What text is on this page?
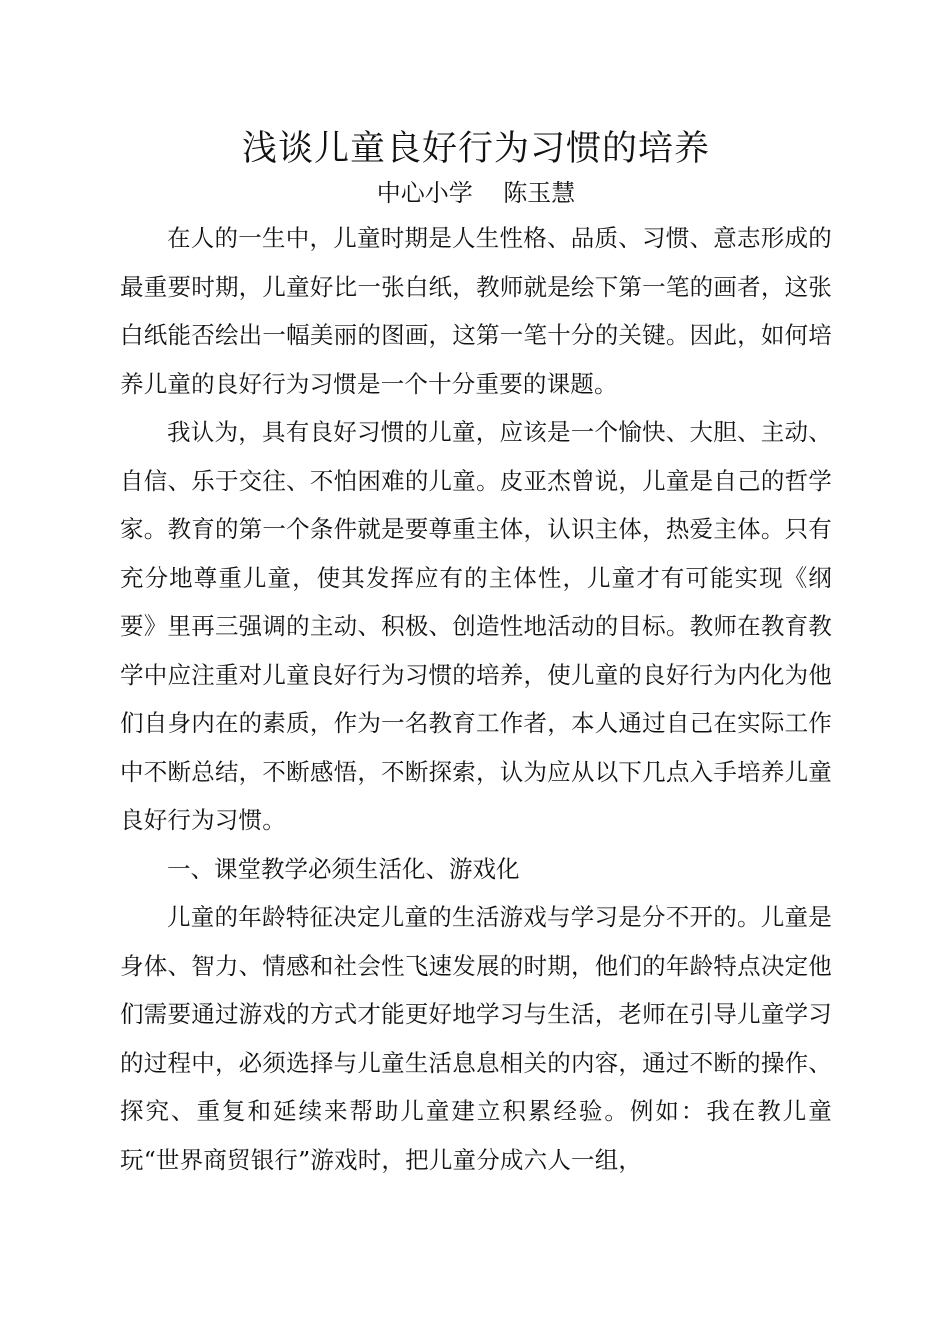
浅谈儿童良好行为习惯的培养

中心小学    陈玉慧

在人的一生中，儿童时期是人生性格、品质、习惯、意志形成的最重要时期，儿童好比一张白纸，教师就是绘下第一笔的画者，这张白纸能否绘出一幅美丽的图画，这第一笔十分的关键。因此，如何培养儿童的良好行为习惯是一个十分重要的课题。

我认为，具有良好习惯的儿童，应该是一个愉快、大胆、主动、自信、乐于交往、不怕困难的儿童。皮亚杰曾说，儿童是自己的哲学家。教育的第一个条件就是要尊重主体，认识主体，热爱主体。只有充分地尊重儿童，使其发挥应有的主体性，儿童才有可能实现《纲要》里再三强调的主动、积极、创造性地活动的目标。教师在教育教学中应注重对儿童良好行为习惯的培养，使儿童的良好行为内化为他们自身内在的素质，作为一名教育工作者，本人通过自己在实际工作中不断总结，不断感悟，不断探索，认为应从以下几点入手培养儿童良好行为习惯。

一、课堂教学必须生活化、游戏化

儿童的年龄特征决定儿童的生活游戏与学习是分不开的。儿童是身体、智力、情感和社会性飞速发展的时期，他们的年龄特点决定他们需要通过游戏的方式才能更好地学习与生活，老师在引导儿童学习的过程中，必须选择与儿童生活息息相关的内容，通过不断的操作、探究、重复和延续来帮助儿童建立积累经验。例如：我在教儿童玩“世界商贸银行”游戏时，把儿童分成六人一组，
